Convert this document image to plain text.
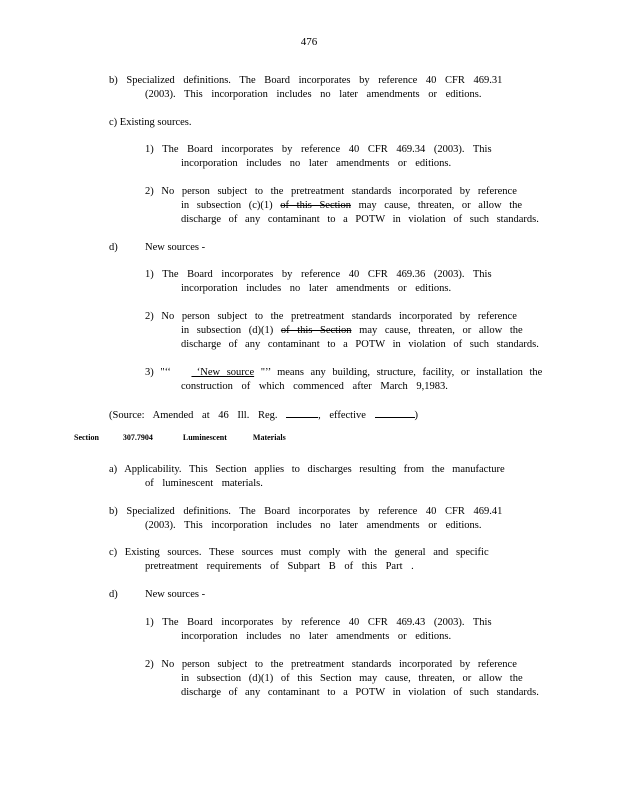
476
b) Specialized definitions. The Board incorporates by reference 40 CFR 469.31
(2003). This incorporation includes no later amendments or editions.
c) Existing sources.
1) The Board incorporates by reference 40 CFR 469.34 (2003). This
incorporation includes no later amendments or editions.
2) No person subject to the pretreatment standards incorporated by reference
in subsection (c)(1) of this Section may cause, threaten, or allow the
discharge of any contaminant to a POTW in violation of such standards.
d)	New sources -
1) The Board incorporates by reference 40 CFR 469.36 (2003). This
incorporation includes no later amendments or editions.
2) No person subject to the pretreatment standards incorporated by reference
in subsection (d)(1) of this Section may cause, threaten, or allow the
discharge of any contaminant to a POTW in violation of such standards.
3) "‘‘ _‘New source "’’ means any building, structure, facility, or installation the
construction of which commenced after March 9,1983.
(Source: Amended at 46 Ill. Reg.	, effective	)
Section	307.7904	Luminescent	Materials
a) Applicability. This Section applies to discharges resulting from the manufacture
of luminescent materials.
b) Specialized definitions. The Board incorporates by reference 40 CFR 469.41
(2003). This incorporation includes no later amendments or editions.
c) Existing sources. These sources must comply with the general and specific
pretreatment requirements of Subpart B of this Part .
d)	New sources -
1) The Board incorporates by reference 40 CFR 469.43 (2003). This
incorporation includes no later amendments or editions.
2) No person subject to the pretreatment standards incorporated by reference
in subsection (d)(1) of this Section may cause, threaten, or allow the
discharge of any contaminant to a POTW in violation of such standards.
